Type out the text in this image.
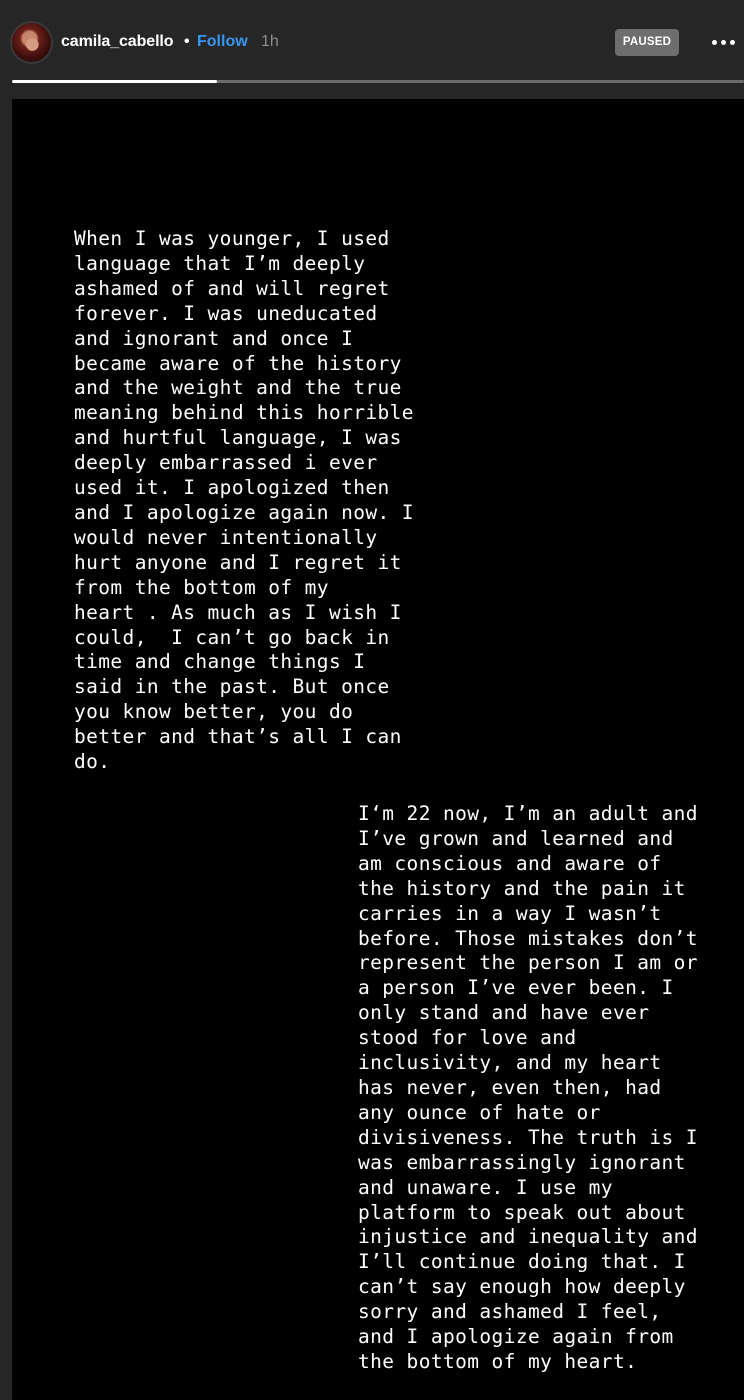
camila_cabello • Follow 1h	PAUSED
When I was younger, I used
language that I’m deeply
ashamed of and will regret
forever. I was uneducated
and ignorant and once I
became aware of the history
and the weight and the true
meaning behind this horrible
and hurtful language, I was
deeply embarrassed i ever
used it. I apologized then
and I apologize again now. I
would never intentionally
hurt anyone and I regret it
from the bottom of my
heart . As much as I wish I
could,  I can’t go back in
time and change things I
said in the past. But once
you know better, you do
better and that’s all I can
do.
I‘m 22 now, I’m an adult and
I’ve grown and learned and
am conscious and aware of
the history and the pain it
carries in a way I wasn’t
before. Those mistakes don’t
represent the person I am or
a person I’ve ever been. I
only stand and have ever
stood for love and
inclusivity, and my heart
has never, even then, had
any ounce of hate or
divisiveness. The truth is I
was embarrassingly ignorant
and unaware. I use my
platform to speak out about
injustice and inequality and
I’ll continue doing that. I
can’t say enough how deeply
sorry and ashamed I feel,
and I apologize again from
the bottom of my heart.
